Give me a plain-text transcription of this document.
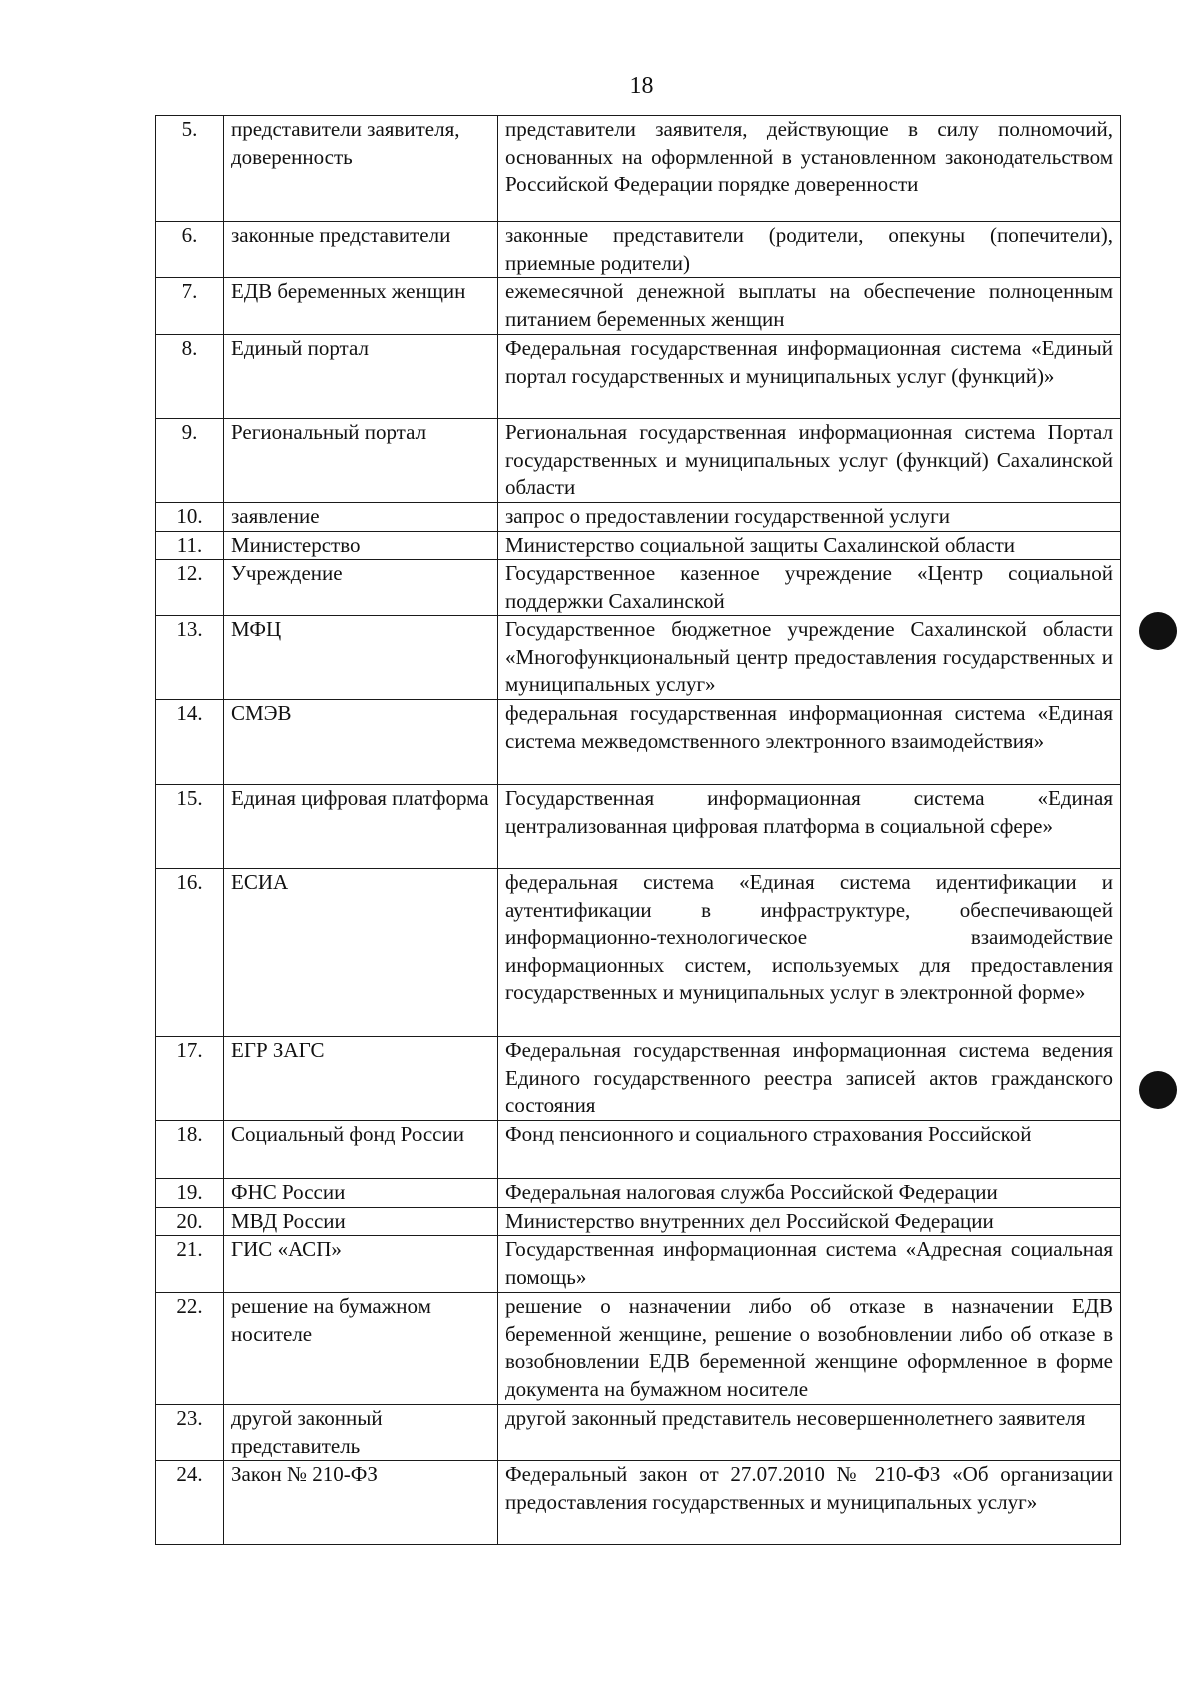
18
5.	представители заявителя, доверенность	представители заявителя, действующие в силу полномочий, основанных на оформленной в установленном законодательством Российской Федерации порядке доверенности
6.	законные представители	законные представители (родители, опекуны (попечители), приемные родители)
7.	ЕДВ беременных женщин	ежемесячной денежной выплаты на обеспечение полноценным питанием беременных женщин
8.	Единый портал	Федеральная государственная информационная система «Единый портал государственных и муниципальных услуг (функций)»
9.	Региональный портал	Региональная государственная информационная система Портал государственных и муниципальных услуг (функций) Сахалинской области
10.	заявление	запрос о предоставлении государственной услуги
11.	Министерство	Министерство социальной защиты Сахалинской области
12.	Учреждение	Государственное казенное учреждение «Центр социальной поддержки Сахалинской
13.	МФЦ	Государственное бюджетное учреждение Сахалинской области «Многофункциональный центр предоставления государственных и муниципальных услуг»
14.	СМЭВ	федеральная государственная информационная система «Единая система межведомственного электронного взаимодействия»
15.	Единая цифровая платформа	Государственная информационная система «Единая централизованная цифровая платформа в социальной сфере»
16.	ЕСИА	федеральная система «Единая система идентификации и аутентификации в инфраструктуре, обеспечивающей информационно-технологическое взаимодействие информационных систем, используемых для предоставления государственных и муниципальных услуг в электронной форме»
17.	ЕГР ЗАГС	Федеральная государственная информационная система ведения Единого государственного реестра записей актов гражданского состояния
18.	Социальный фонд России	Фонд пенсионного и социального страхования Российской
19.	ФНС России	Федеральная налоговая служба Российской Федерации
20.	МВД России	Министерство внутренних дел Российской Федерации
21.	ГИС «АСП»	Государственная информационная система «Адресная социальная помощь»
22.	решение на бумажном носителе	решение о назначении либо об отказе в назначении ЕДВ беременной женщине, решение о возобновлении либо об отказе в возобновлении ЕДВ беременной женщине оформленное в форме документа на бумажном носителе
23.	другой законный представитель	другой законный представитель несовершеннолетнего заявителя
24.	Закон № 210-ФЗ	Федеральный закон от 27.07.2010 № 210-ФЗ «Об организации предоставления государственных и муниципальных услуг»
